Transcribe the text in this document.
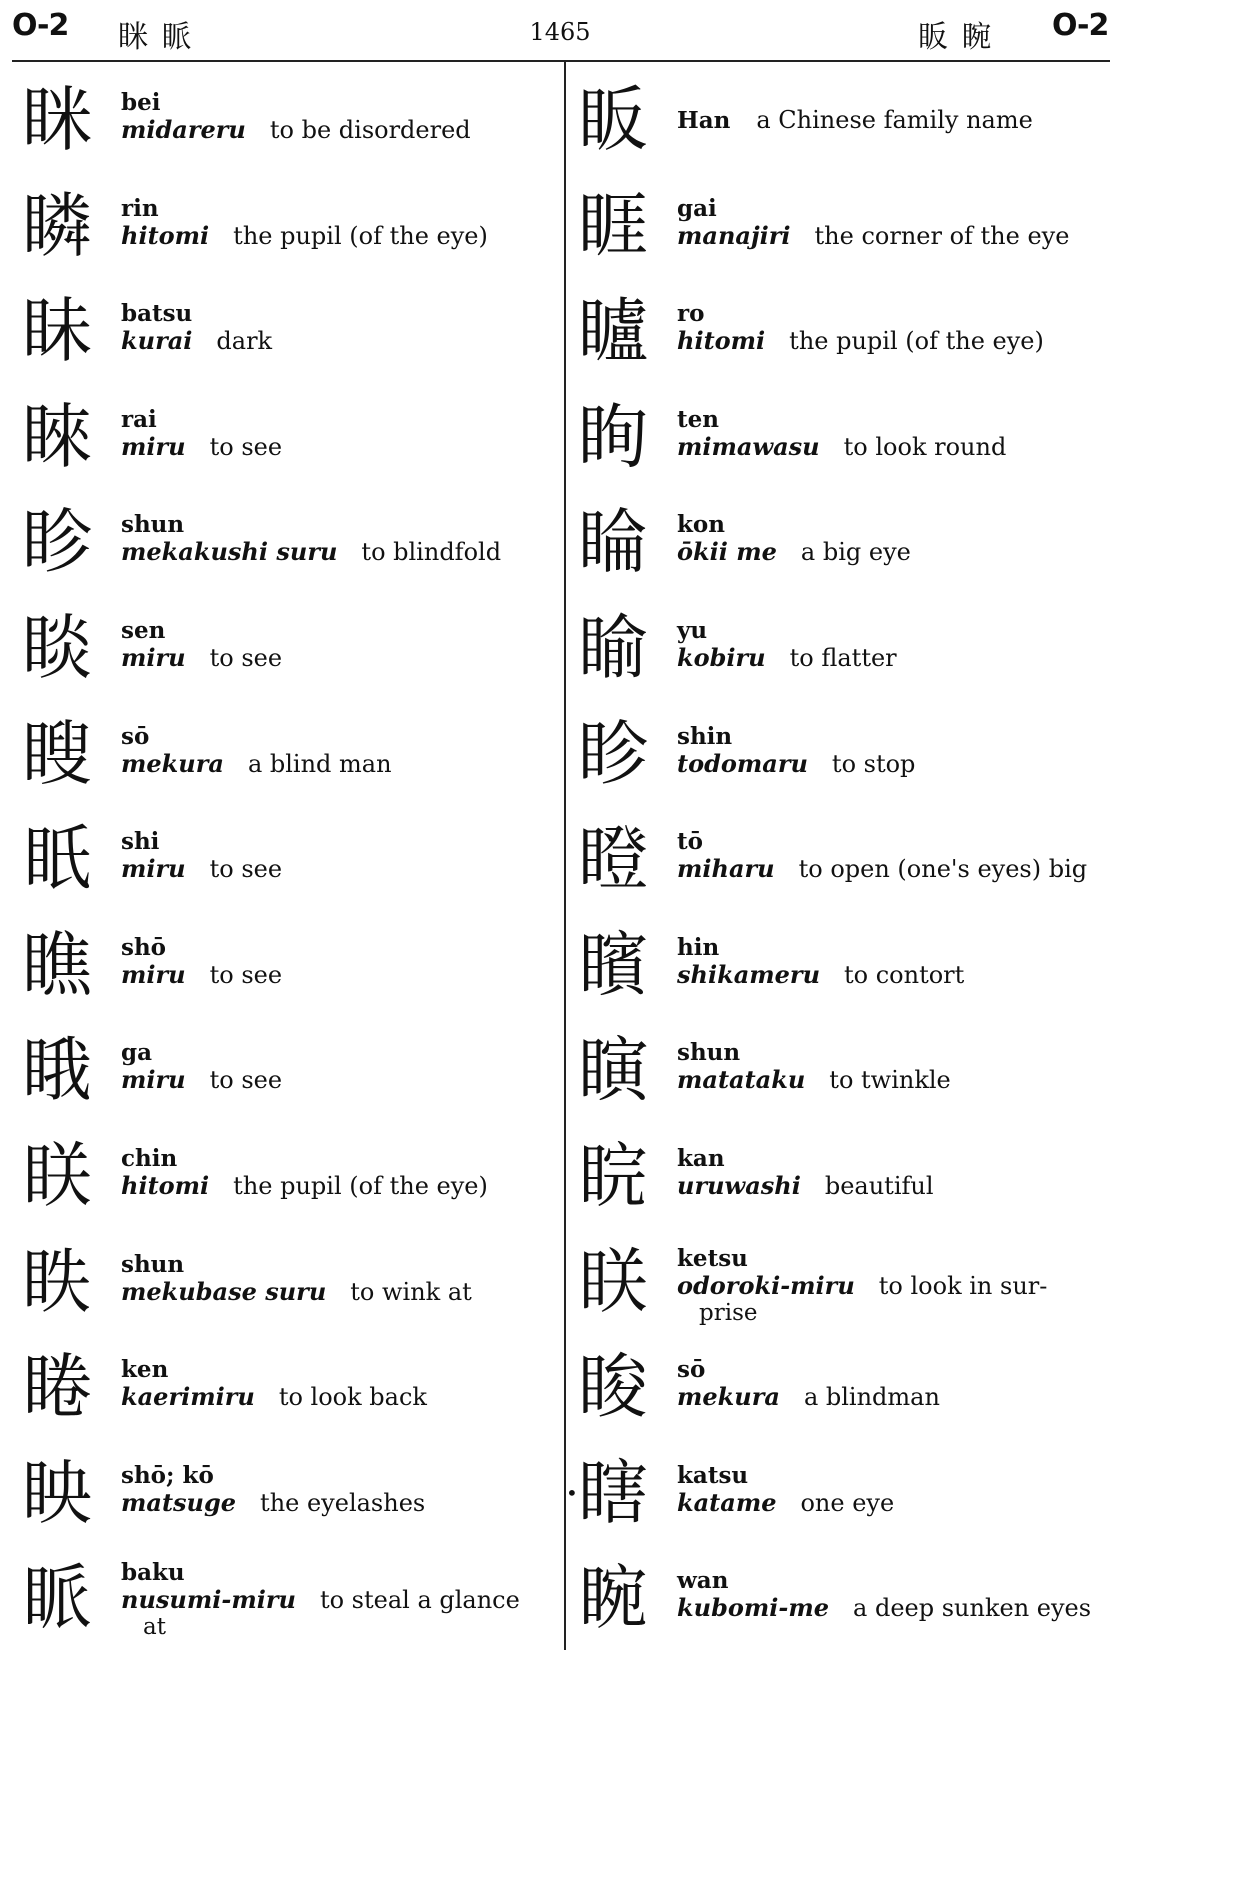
O-2 眯 眽	1465	眅 睕 O-2
眯 bei
midareru to be disordered
瞵 rin
hitomi the pupil (of the eye)
眛 batsu
kurai dark
睞 rai
miru to see
眕 shun
mekakushi suru to blindfold
睒 sen
miru to see
瞍 sō
mekura a blind man
眂 shi
miru to see
瞧 shō
miru to see
睋 ga
miru to see
眹 chin
hitomi the pupil (of the eye)
眣 shun
mekubase suru to wink at
睠 ken
kaerimiru to look back
眏 shō; kō
matsuge the eyelashes
眽 baku
nusumi-miru to steal a glance
at
眅 Han a Chinese family name
睚 gai
manajiri the corner of the eye
矑 ro
hitomi the pupil (of the eye)
眴 ten
mimawasu to look round
睔 kon
ōkii me a big eye
睮 yu
kobiru to flatter
眕 shin
todomaru to stop
瞪 tō
miharu to open (one's eyes) big
矉 hin
shikameru to contort
瞚 shun
matataku to twinkle
睆 kan
uruwashi beautiful
眹 ketsu
odoroki-miru to look in sur-
prise
睃 sō
mekura a blindman
• 瞎 katsu
katame one eye
睕 wan
kubomi-me a deep sunken eyes
